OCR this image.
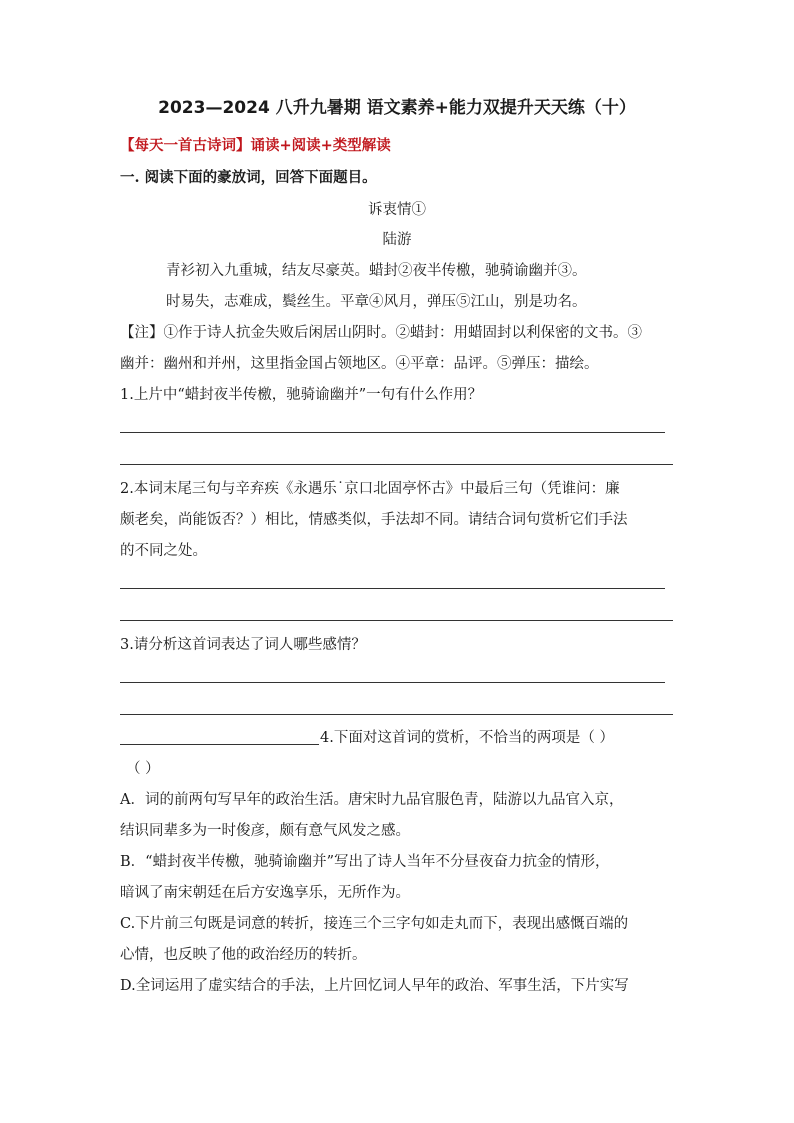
2023—2024 八升九暑期 语文素养+能力双提升天天练（十）
【每天一首古诗词】诵读+阅读+类型解读
一. 阅读下面的豪放词，回答下面题目。
诉衷情①
陆游
青衫初入九重城，结友尽豪英。蜡封②夜半传檄，驰骑谕幽并③。
时易失，志难成，鬓丝生。平章④风月，弹压⑤江山，别是功名。
【注】①作于诗人抗金失败后闲居山阴时。②蜡封：用蜡固封以利保密的文书。③
幽并：幽州和并州，这里指金国占领地区。④平章：品评。⑤弹压：描绘。
1.上片中“蜡封夜半传檄，驰骑谕幽并”一句有什么作用？
2.本词末尾三句与辛弃疾《永遇乐˙京口北固亭怀古》中最后三句（凭谁问：廉
颇老矣，尚能饭否？）相比，情感类似，手法却不同。请结合词句赏析它们手法
的不同之处。
3.请分析这首词表达了词人哪些感情？
4.下面对这首词的赏析，不恰当的两项是（ ）
（ ）
A．词的前两句写早年的政治生活。唐宋时九品官服色青，陆游以九品官入京，
结识同辈多为一时俊彦，颇有意气风发之感。
B．“蜡封夜半传檄，驰骑谕幽并”写出了诗人当年不分昼夜奋力抗金的情形，
暗讽了南宋朝廷在后方安逸享乐，无所作为。
C.下片前三句既是词意的转折，接连三个三字句如走丸而下，表现出感慨百端的
心情，也反映了他的政治经历的转折。
D.全词运用了虚实结合的手法，上片回忆词人早年的政治、军事生活，下片实写
